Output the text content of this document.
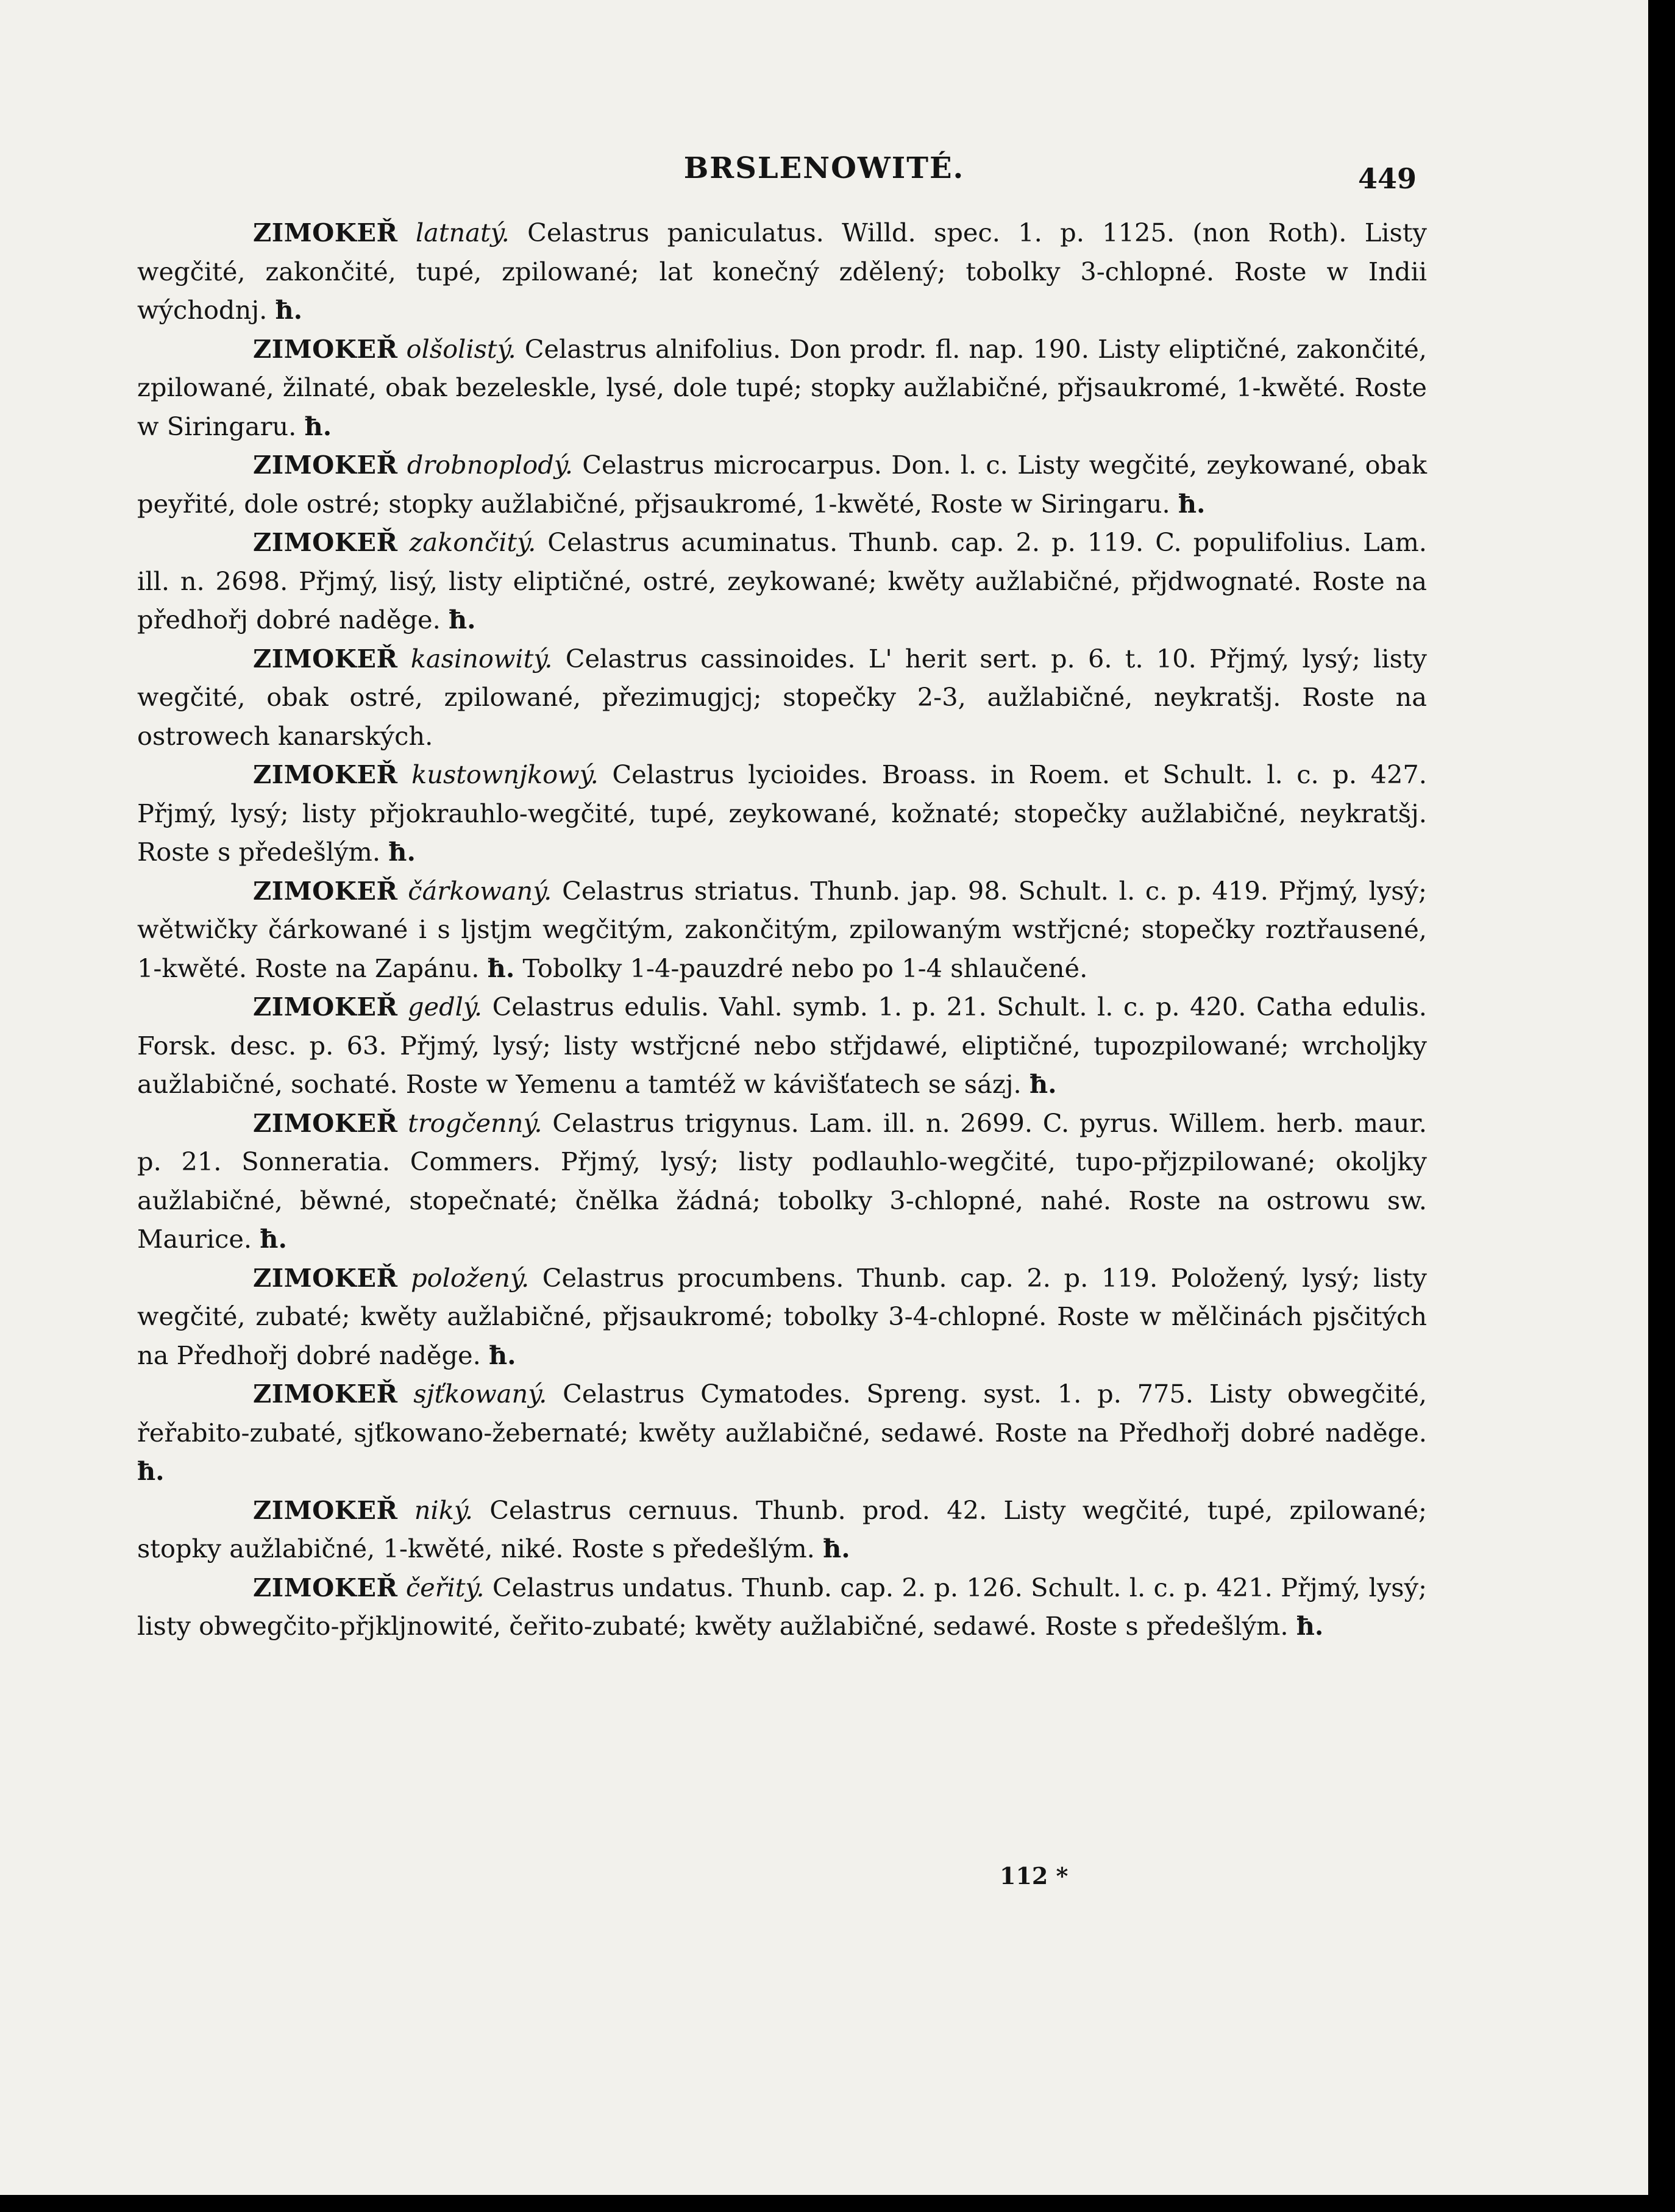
BRSLENOWITÉ.	449

ZIMOKEŘ latnatý. Celastrus paniculatus. Willd. spec. 1. p. 1125. (non Roth). Listy wegčité, zakončité, tupé, zpilowané; lat konečný zdělený; tobolky 3-chlopné. Roste w Indii wýchodnj. ħ.

ZIMOKEŘ olšolistý. Celastrus alnifolius. Don prodr. fl. nap. 190. Listy eliptičné, zakončité, zpilowané, žilnaté, obak bezeleskle, lysé, dole tupé; stopky aužlabičné, přjsaukromé, 1-kwěté. Roste w Siringaru. ħ.

ZIMOKEŘ drobnoplodý. Celastrus microcarpus. Don. l. c. Listy wegčité, zeykowané, obak peyřité, dole ostré; stopky aužlabičné, přjsaukromé, 1-kwěté, Roste w Siringaru. ħ.

ZIMOKEŘ zakončitý. Celastrus acuminatus. Thunb. cap. 2. p. 119. C. populifolius. Lam. ill. n. 2698. Přjmý, lisý, listy eliptičné, ostré, zeykowané; kwěty aužlabičné, přjdwognaté. Roste na předhořj dobré naděge. ħ.

ZIMOKEŘ kasinowitý. Celastrus cassinoides. L' herit sert. p. 6. t. 10. Přjmý, lysý; listy wegčité, obak ostré, zpilowané, přezimugjcj; stopečky 2-3, aužlabičné, neykratšj. Roste na ostrowech kanarských.

ZIMOKEŘ kustownjkowý. Celastrus lycioides. Broass. in Roem. et Schult. l. c. p. 427. Přjmý, lysý; listy přjokrauhlo-wegčité, tupé, zeykowané, kožnaté; stopečky aužlabičné, neykratšj. Roste s předešlým. ħ.

ZIMOKEŘ čárkowaný. Celastrus striatus. Thunb. jap. 98. Schult. l. c. p. 419. Přjmý, lysý; wětwičky čárkowané i s ljstjm wegčitým, zakončitým, zpilowaným wstřjcné; stopečky roztřausené, 1-kwěté. Roste na Zapánu. ħ. Tobolky 1-4-pauzdré nebo po 1-4 shlaučené.

ZIMOKEŘ gedlý. Celastrus edulis. Vahl. symb. 1. p. 21. Schult. l. c. p. 420. Catha edulis. Forsk. desc. p. 63. Přjmý, lysý; listy wstřjcné nebo střjdawé, eliptičné, tupozpilowané; wrcholjky aužlabičné, sochaté. Roste w Yemenu a tamtéž w kávišťatech se sázj. ħ.

ZIMOKEŘ trogčenný. Celastrus trigynus. Lam. ill. n. 2699. C. pyrus. Willem. herb. maur. p. 21. Sonneratia. Commers. Přjmý, lysý; listy podlauhlo-wegčité, tupo-přjzpilowané; okoljky aužlabičné, běwné, stopečnaté; čnělka žádná; tobolky 3-chlopné, nahé. Roste na ostrowu sw. Maurice. ħ.

ZIMOKEŘ položený. Celastrus procumbens. Thunb. cap. 2. p. 119. Položený, lysý; listy wegčité, zubaté; kwěty aužlabičné, přjsaukromé; tobolky 3-4-chlopné. Roste w mělčinách pjsčitých na Předhořj dobré naděge. ħ.

ZIMOKEŘ sjťkowaný. Celastrus Cymatodes. Spreng. syst. 1. p. 775. Listy obwegčité, řeřabito-zubaté, sjťkowano-žebernaté; kwěty aužlabičné, sedawé. Roste na Předhořj dobré naděge. ħ.

ZIMOKEŘ niký. Celastrus cernuus. Thunb. prod. 42. Listy wegčité, tupé, zpilowané; stopky aužlabičné, 1-kwěté, niké. Roste s předešlým. ħ.

ZIMOKEŘ čeřitý. Celastrus undatus. Thunb. cap. 2. p. 126. Schult. l. c. p. 421. Přjmý, lysý; listy obwegčito-přjkljnowité, čeřito-zubaté; kwěty aužlabičné, sedawé. Roste s předešlým. ħ.

112 *
